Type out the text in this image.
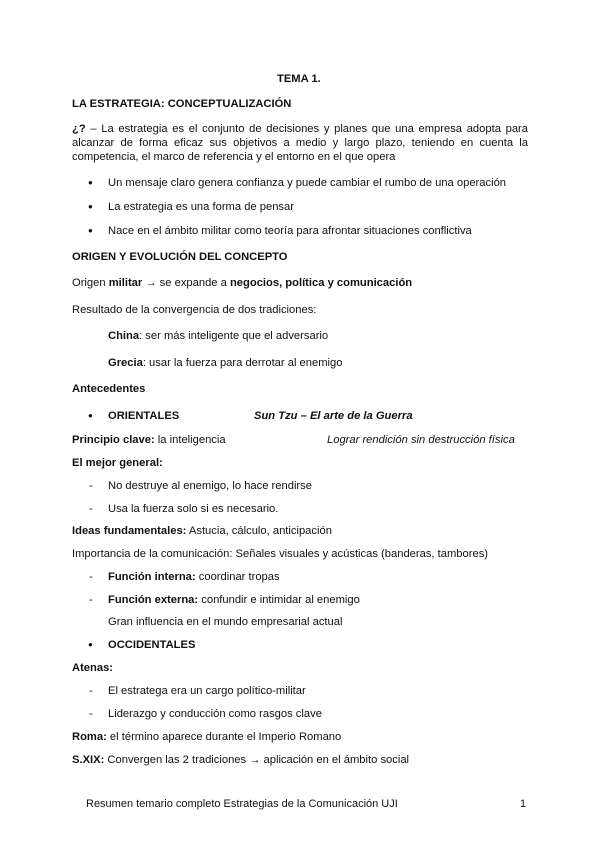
TEMA 1.
LA ESTRATEGIA: CONCEPTUALIZACIÓN
¿? – La estrategia es el conjunto de decisiones y planes que una empresa adopta para alcanzar de forma eficaz sus objetivos a medio y largo plazo, teniendo en cuenta la competencia, el marco de referencia y el entorno en el que opera
● Un mensaje claro genera confianza y puede cambiar el rumbo de una operación
● La estrategia es una forma de pensar
● Nace en el ámbito militar como teoría para afrontar situaciones conflictiva
ORIGEN Y EVOLUCIÓN DEL CONCEPTO
Origen militar → se expande a negocios, política y comunicación
Resultado de la convergencia de dos tradiciones:
China: ser más inteligente que el adversario
Grecia: usar la fuerza para derrotar al enemigo
Antecedentes
● ORIENTALES	Sun Tzu – El arte de la Guerra
Principio clave: la inteligencia	Lograr rendición sin destrucción física
El mejor general:
- No destruye al enemigo, lo hace rendirse
- Usa la fuerza solo si es necesario.
Ideas fundamentales: Astucia, cálculo, anticipación
Importancia de la comunicación: Señales visuales y acústicas (banderas, tambores)
- Función interna: coordinar tropas
- Función externa: confundir e intimidar al enemigo
Gran influencia en el mundo empresarial actual
● OCCIDENTALES
Atenas:
- El estratega era un cargo político-militar
- Liderazgo y conducción como rasgos clave
Roma: el término aparece durante el Imperio Romano
S.XIX: Convergen las 2 tradiciones → aplicación en el ámbito social
Resumen temario completo Estrategias de la Comunicación UJI	1
